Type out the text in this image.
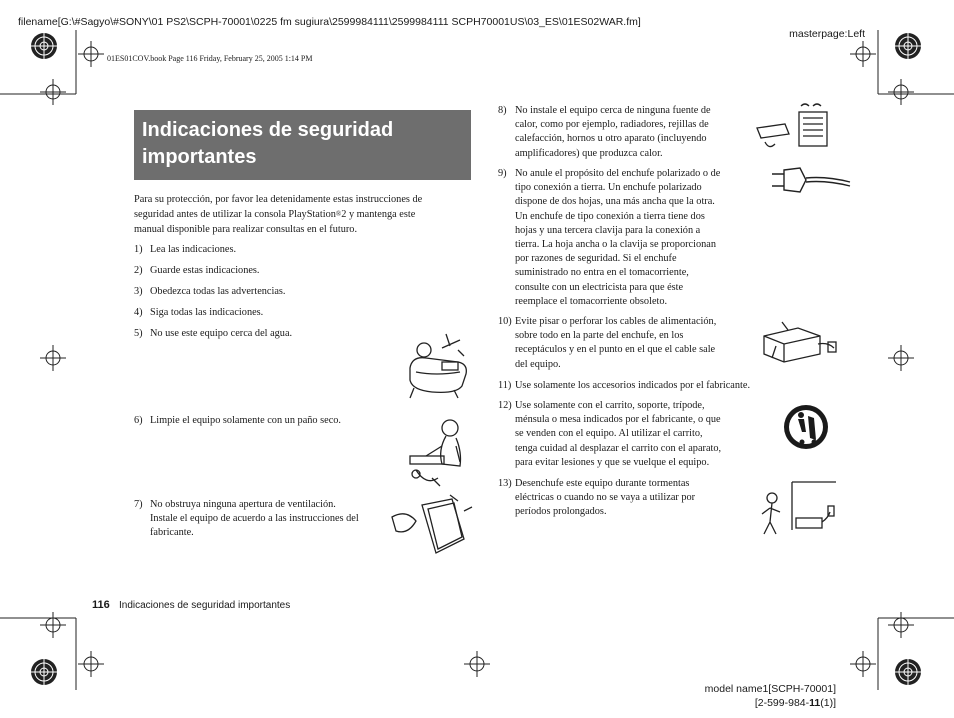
filename[G:\#Sagyo\#SONY\01 PS2\SCPH-70001\0225 fm sugiura\2599984111\2599984111 SCPH70001US\03_ES\01ES02WAR.fm]
masterpage:Left
01ES01COV.book Page 116 Friday, February 25, 2005 1:14 PM
Indicaciones de seguridad
importantes
Para su protección, por favor lea detenidamente estas instrucciones de
seguridad antes de utilizar la consola PlayStation®2 y mantenga este
manual disponible para realizar consultas en el futuro.
1) Lea las indicaciones.
2) Guarde estas indicaciones.
3) Obedezca todas las advertencias.
4) Siga todas las indicaciones.
5) No use este equipo cerca del agua.
6) Limpie el equipo solamente con un paño seco.
7) No obstruya ninguna apertura de ventilación.
Instale el equipo de acuerdo a las instrucciones del
fabricante.
8) No instale el equipo cerca de ninguna fuente de
calor, como por ejemplo, radiadores, rejillas de
calefacción, hornos u otro aparato (incluyendo
amplificadores) que produzca calor.
9) No anule el propósito del enchufe polarizado o de
tipo conexión a tierra. Un enchufe polarizado
dispone de dos hojas, una más ancha que la otra.
Un enchufe de tipo conexión a tierra tiene dos
hojas y una tercera clavija para la conexión a
tierra. La hoja ancha o la clavija se proporcionan
por razones de seguridad. Si el enchufe
suministrado no entra en el tomacorriente,
consulte con un electricista para que éste
reemplace el tomacorriente obsoleto.
10) Evite pisar o perforar los cables de alimentación,
sobre todo en la parte del enchufe, en los
receptáculos y en el punto en el que el cable sale
del equipo.
11) Use solamente los accesorios indicados por el fabricante.
12) Use solamente con el carrito, soporte, trípode,
ménsula o mesa indicados por el fabricante, o que
se venden con el equipo. Al utilizar el carrito,
tenga cuidad al desplazar el carrito con el aparato,
para evitar lesiones y que se vuelque el equipo.
13) Desenchufe este equipo durante tormentas
eléctricas o cuando no se vaya a utilizar por
períodos prolongados.
116 Indicaciones de seguridad importantes
model name1[SCPH-70001]
[2-599-984-11(1)]
